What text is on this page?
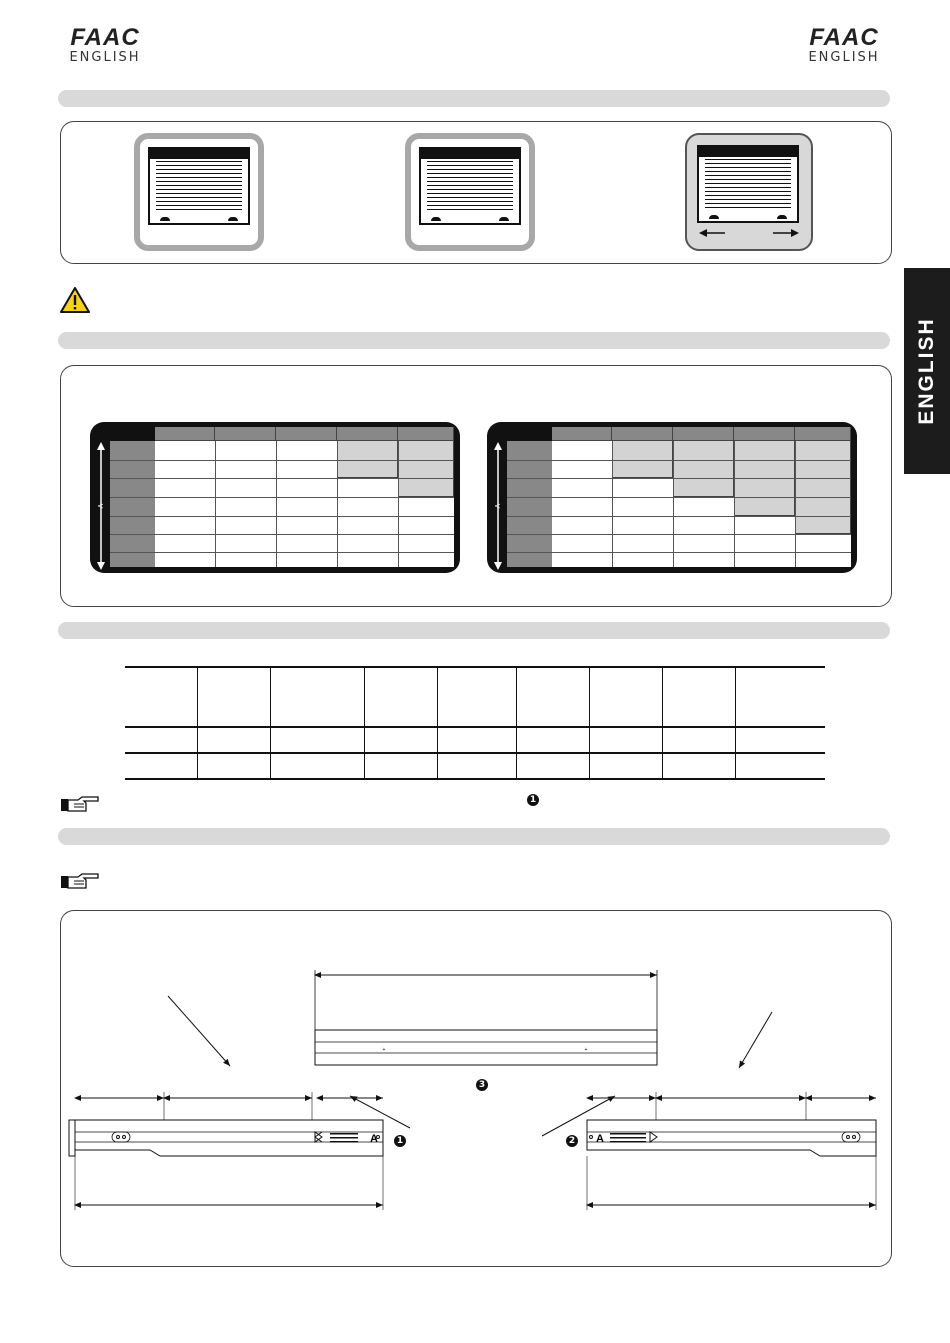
FAAC
ENGLISH
FAAC
ENGLISH
ENGLISH
A	A

1
+	+
A	A
3
1	2
